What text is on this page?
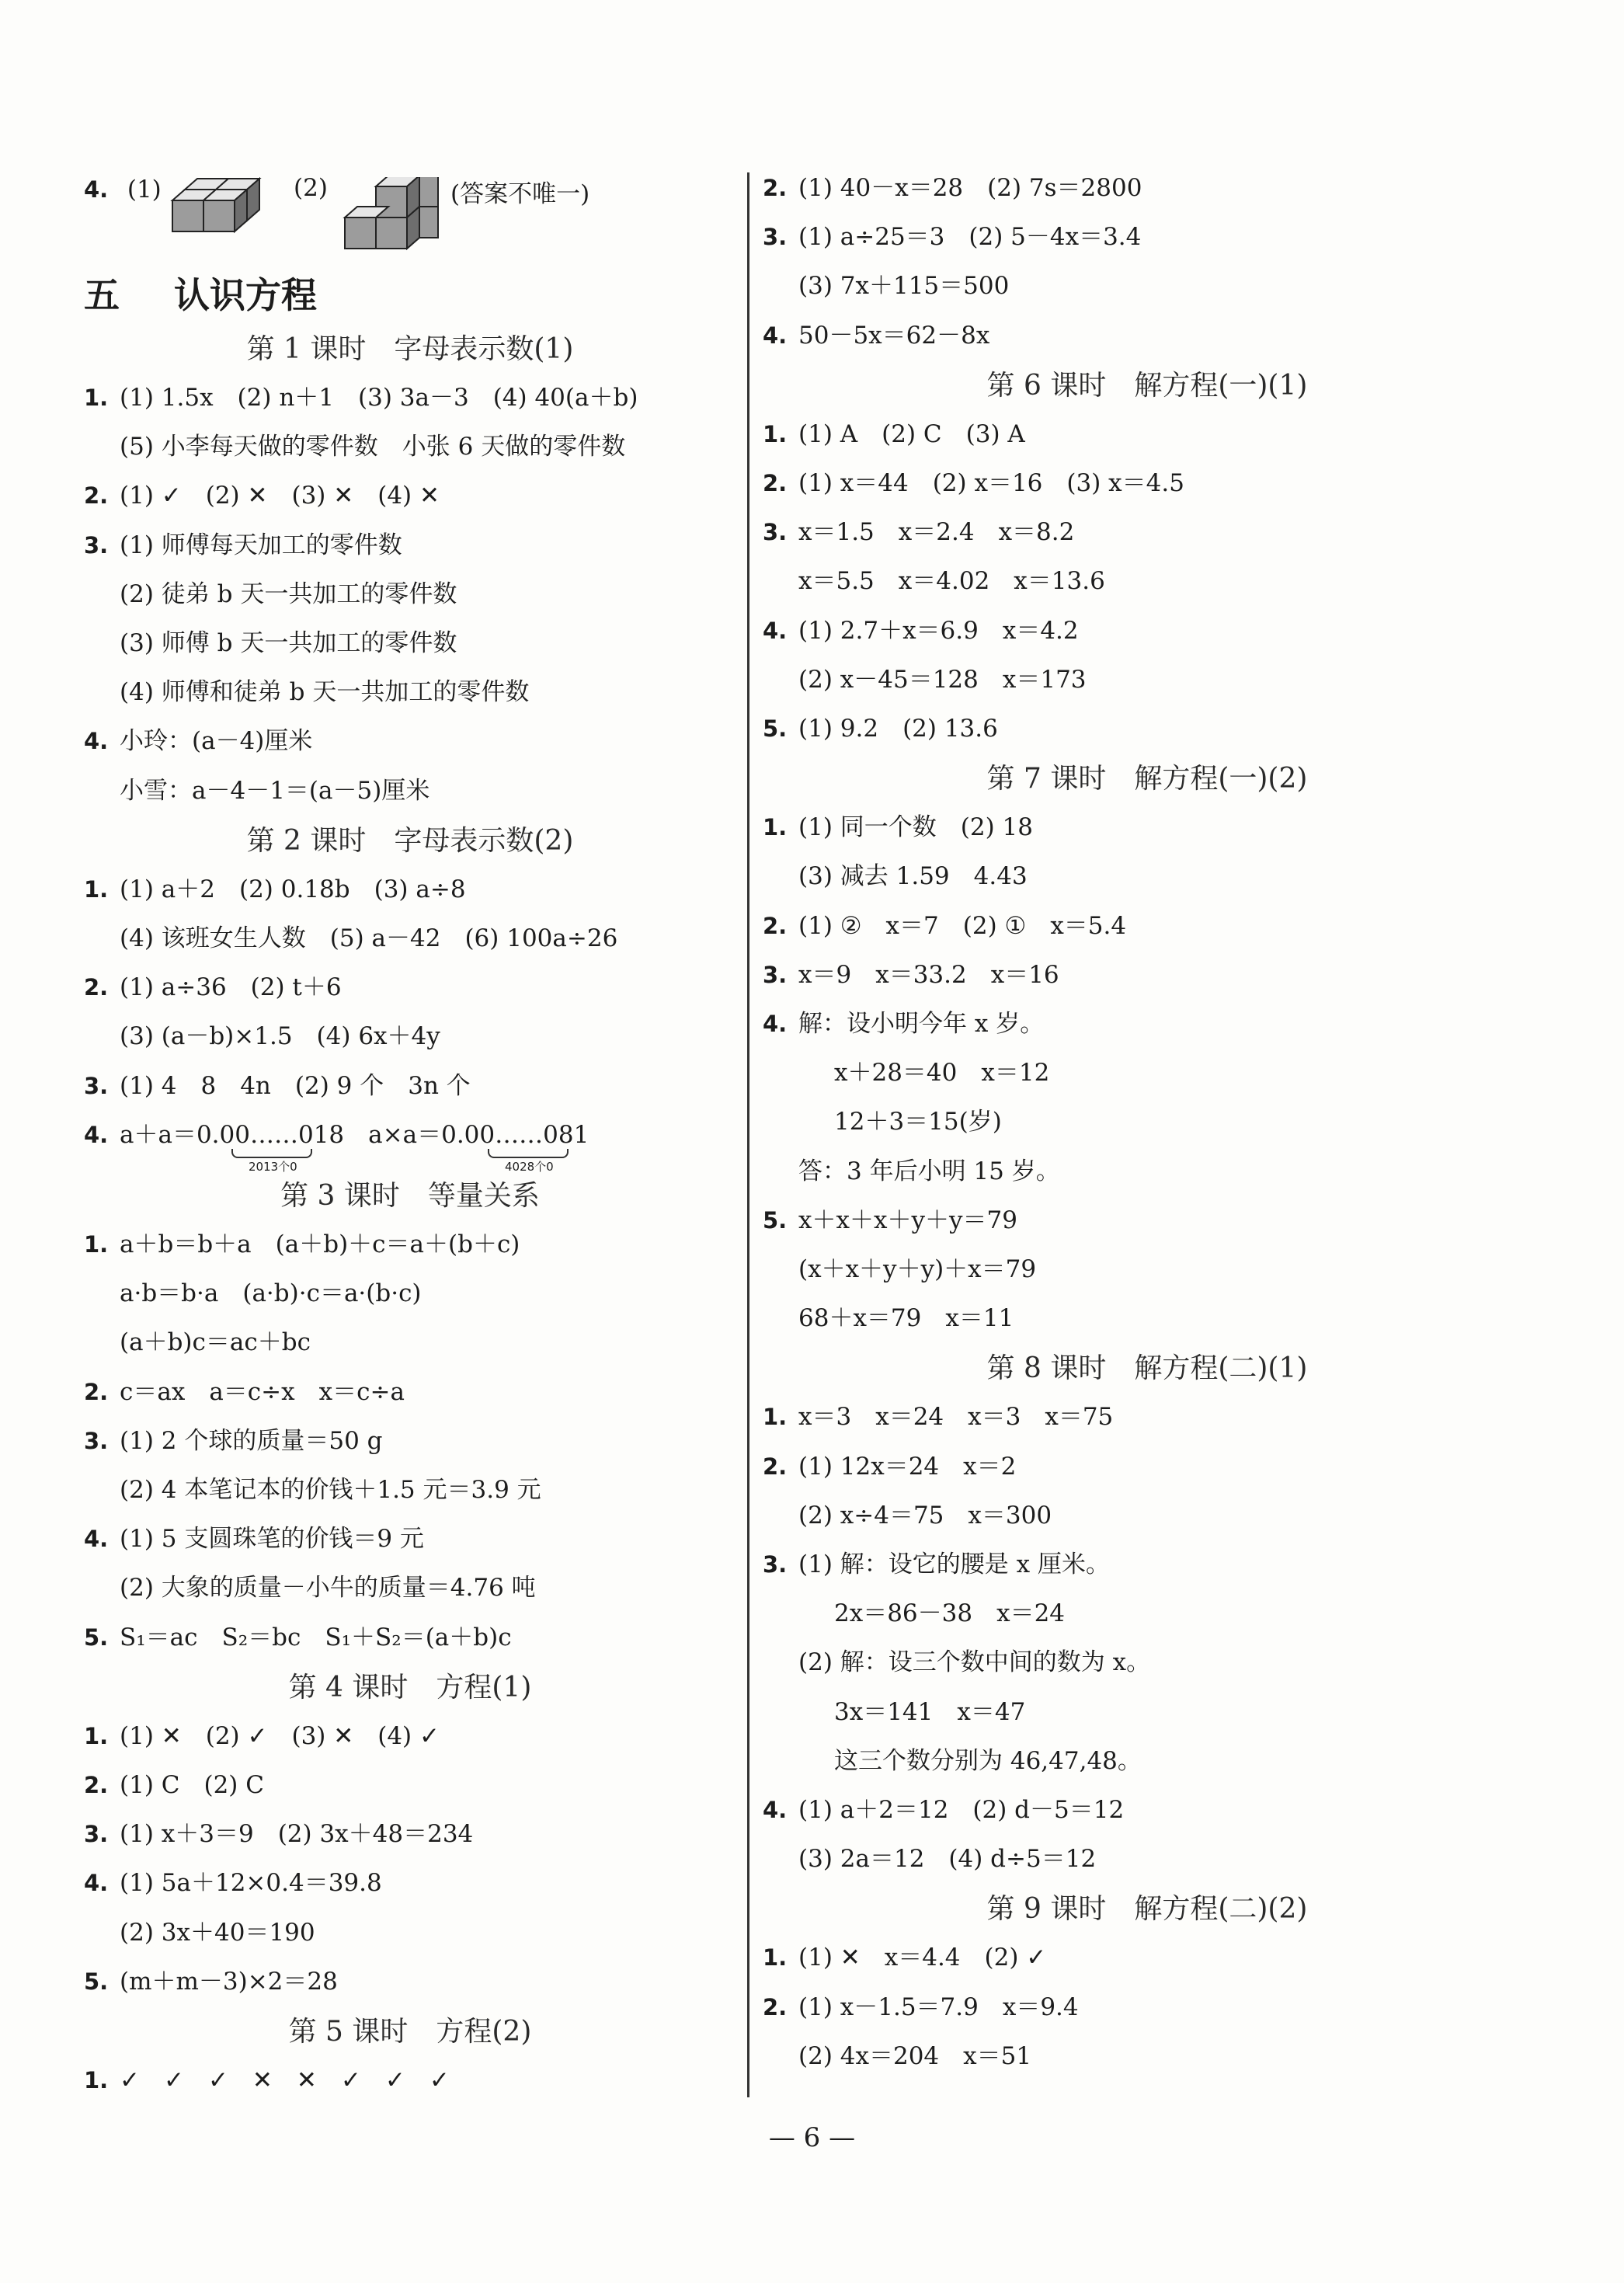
4. (1)	(2)	(答案不唯一)
五 认识方程
— 6 —
第 1 课时　字母表示数(1)
1. (1) 1.5x　(2) n＋1　(3) 3a－3　(4) 40(a＋b)
(5) 小李每天做的零件数　小张 6 天做的零件数
2. (1) ✓　(2) ✕　(3) ✕　(4) ✕
3. (1) 师傅每天加工的零件数
(2) 徒弟 b 天一共加工的零件数
(3) 师傅 b 天一共加工的零件数
(4) 师傅和徒弟 b 天一共加工的零件数
4. 小玲：(a－4)厘米
小雪：a－4－1＝(a－5)厘米
第 2 课时　字母表示数(2)
1. (1) a＋2　(2) 0.18b　(3) a÷8
(4) 该班女生人数　(5) a－42　(6) 100a÷26
2. (1) a÷36　(2) t＋6
(3) (a－b)×1.5　(4) 6x＋4y
3. (1) 4　8　4n　(2) 9 个　3n 个
4. a＋a＝0.00……018　a×a＝0.00……081
2013个0	4028个0
第 3 课时　等量关系
1. a＋b＝b＋a　(a＋b)＋c＝a＋(b＋c)
a·b＝b·a　(a·b)·c＝a·(b·c)
(a＋b)c＝ac＋bc
2. c＝ax　a＝c÷x　x＝c÷a
3. (1) 2 个球的质量＝50 g
(2) 4 本笔记本的价钱＋1.5 元＝3.9 元
4. (1) 5 支圆珠笔的价钱＝9 元
(2) 大象的质量－小牛的质量＝4.76 吨
5. S₁＝ac　S₂＝bc　S₁＋S₂＝(a＋b)c
第 4 课时　方程(1)
1. (1) ✕　(2) ✓　(3) ✕　(4) ✓
2. (1) C　(2) C
3. (1) x＋3＝9　(2) 3x＋48＝234
4. (1) 5a＋12×0.4＝39.8
(2) 3x＋40＝190
5. (m＋m－3)×2＝28
第 5 课时　方程(2)
1. ✓　✓　✓　✕　✕　✓　✓　✓
2. (1) 40－x＝28　(2) 7s＝2800
3. (1) a÷25＝3　(2) 5－4x＝3.4
(3) 7x＋115＝500
4. 50－5x＝62－8x
第 6 课时　解方程(一)(1)
1. (1) A　(2) C　(3) A
2. (1) x＝44　(2) x＝16　(3) x＝4.5
3. x＝1.5　x＝2.4　x＝8.2
x＝5.5　x＝4.02　x＝13.6
4. (1) 2.7＋x＝6.9　x＝4.2
(2) x－45＝128　x＝173
5. (1) 9.2　(2) 13.6
第 7 课时　解方程(一)(2)
1. (1) 同一个数　(2) 18
(3) 减去 1.59　4.43
2. (1) ②　x＝7　(2) ①　x＝5.4
3. x＝9　x＝33.2　x＝16
4. 解：设小明今年 x 岁。
x＋28＝40　x＝12
12＋3＝15(岁)
答：3 年后小明 15 岁。
5. x＋x＋x＋y＋y＝79
(x＋x＋y＋y)＋x＝79
68＋x＝79　x＝11
第 8 课时　解方程(二)(1)
1. x＝3　x＝24　x＝3　x＝75
2. (1) 12x＝24　x＝2
(2) x÷4＝75　x＝300
3. (1) 解：设它的腰是 x 厘米。
2x＝86－38　x＝24
(2) 解：设三个数中间的数为 x。
3x＝141　x＝47
这三个数分别为 46,47,48。
4. (1) a＋2＝12　(2) d－5＝12
(3) 2a＝12　(4) d÷5＝12
第 9 课时　解方程(二)(2)
1. (1) ✕　x＝4.4　(2) ✓
2. (1) x－1.5＝7.9　x＝9.4
(2) 4x＝204　x＝51
